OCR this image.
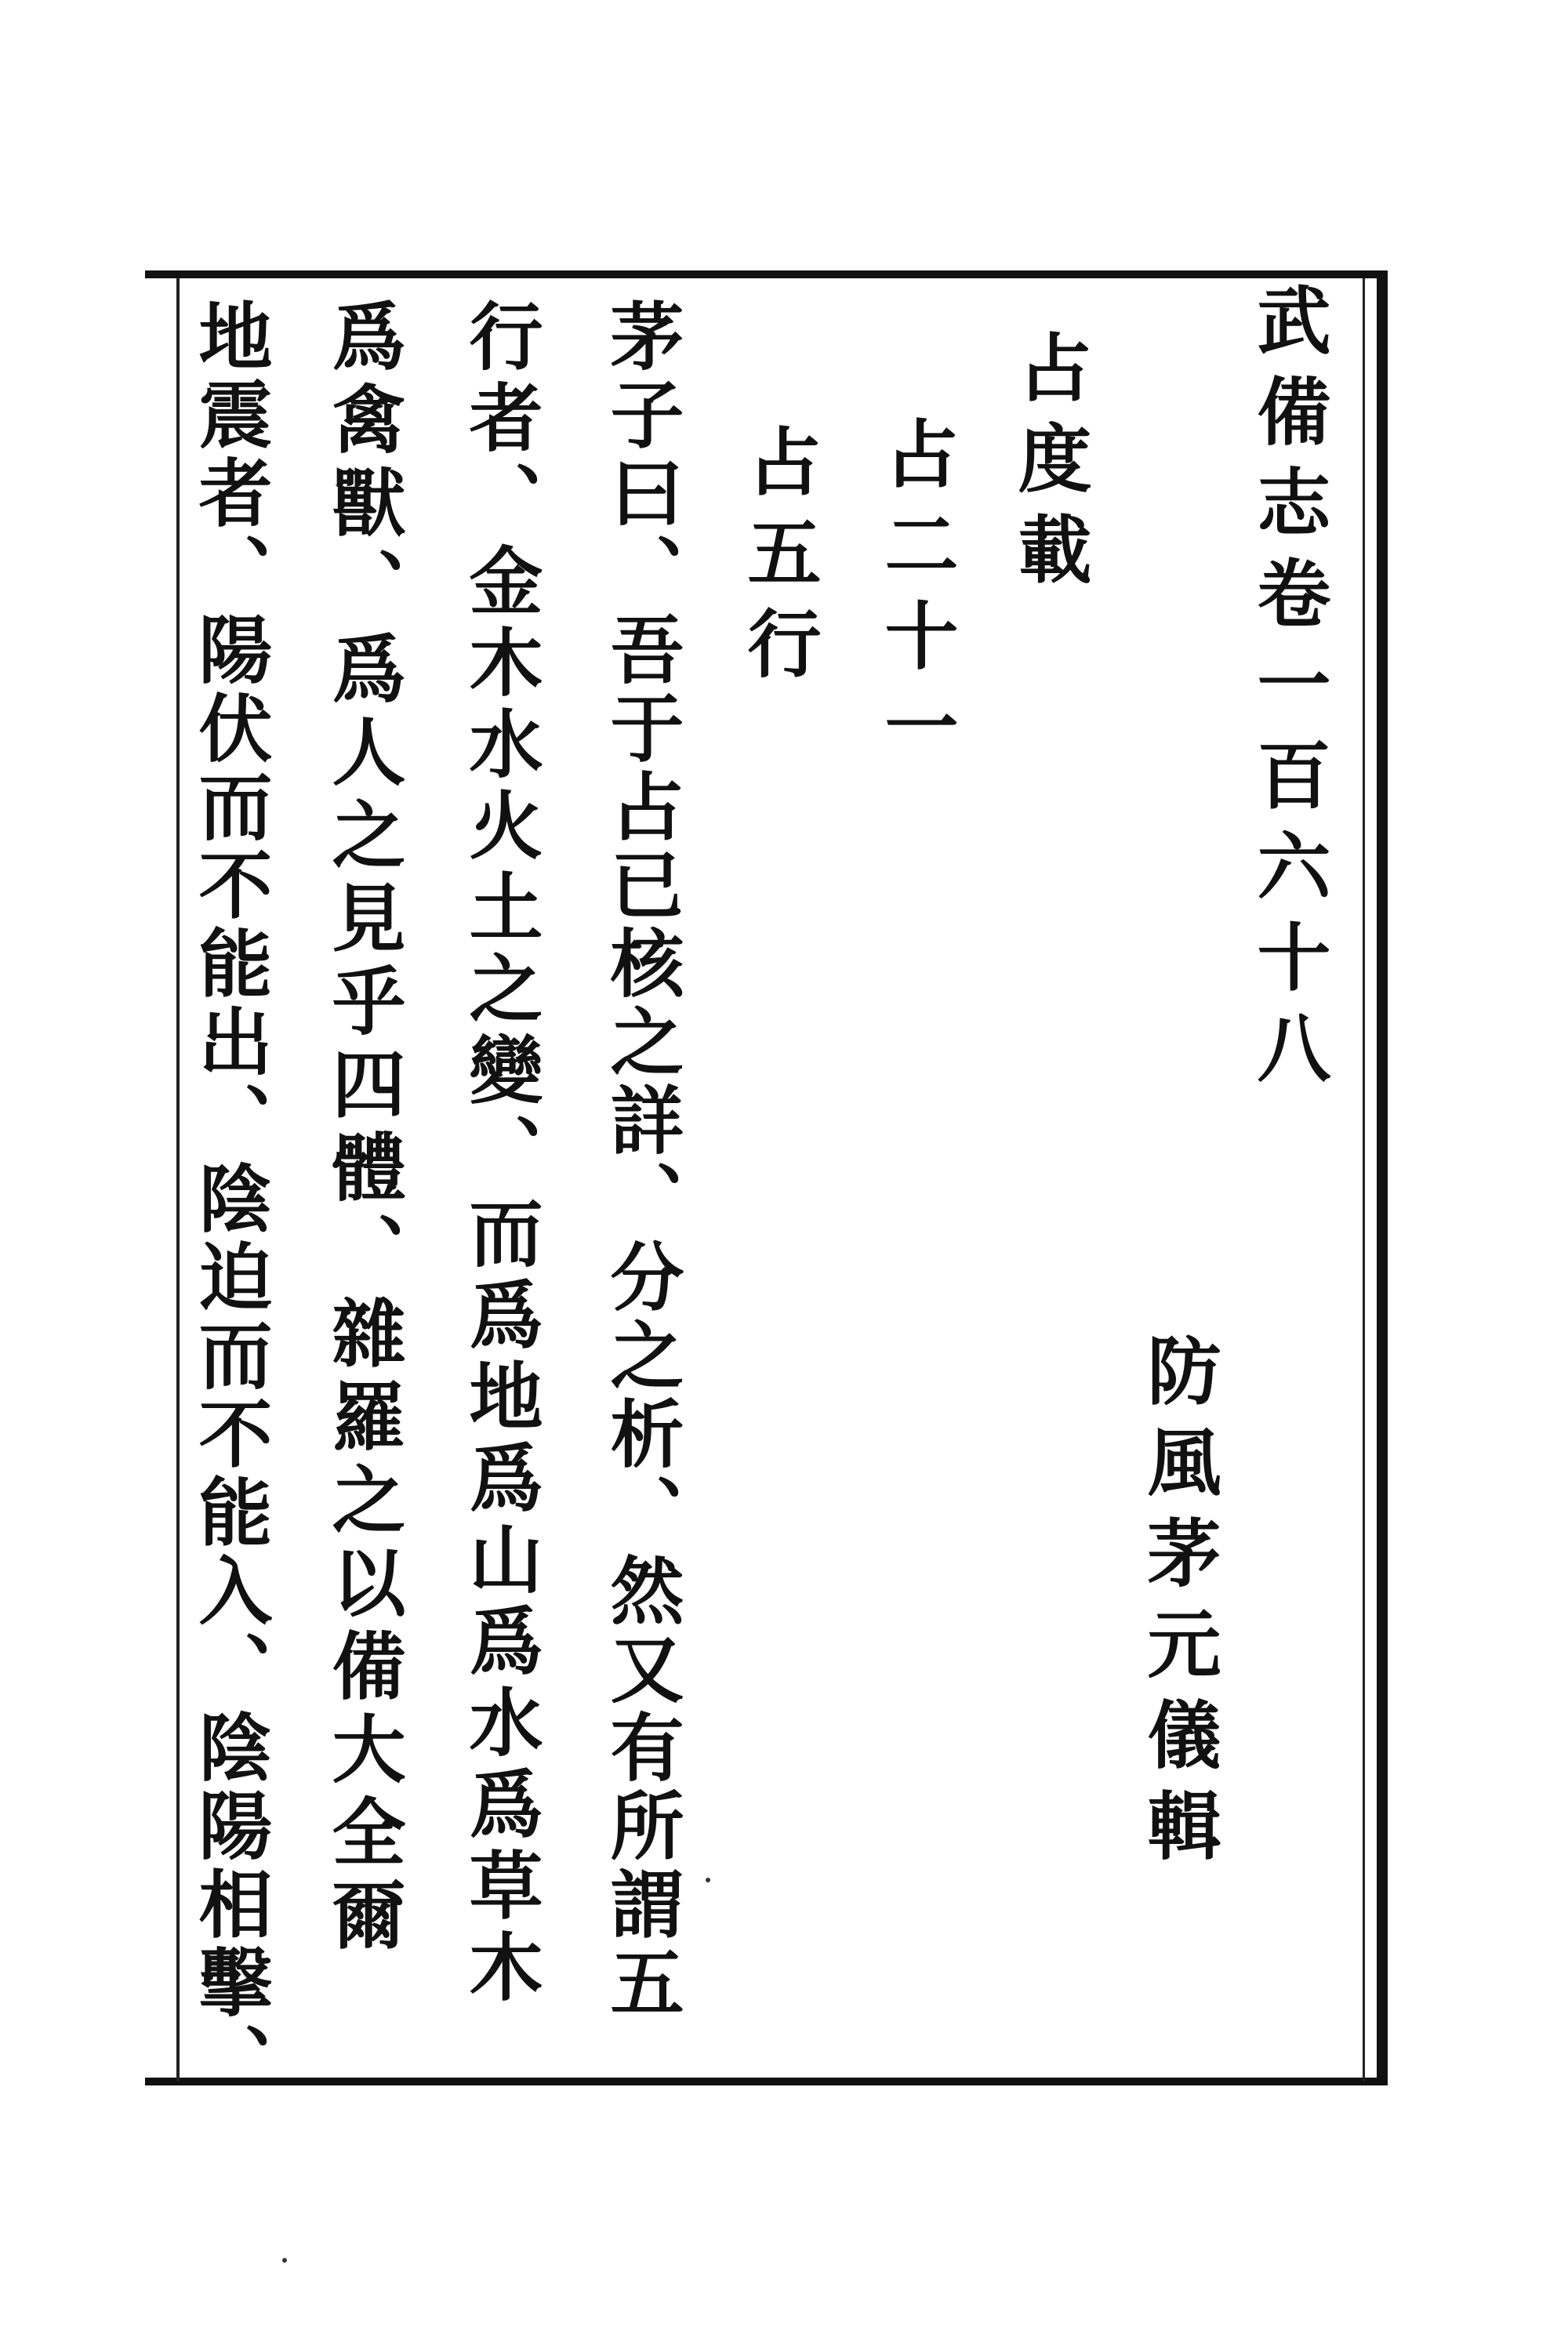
武備志卷一百六十八
占度載
防風茅元儀輯
占二十一
占五行
茅子曰、吾于占已核之詳、分之析、然又有所謂五
行者、金木水火土之變、而爲地爲山爲水爲草木
爲禽獸、爲人之見乎四體、雜羅之以備大全爾
地震者、陽伏而不能出、陰迫而不能入、陰陽相擊、
